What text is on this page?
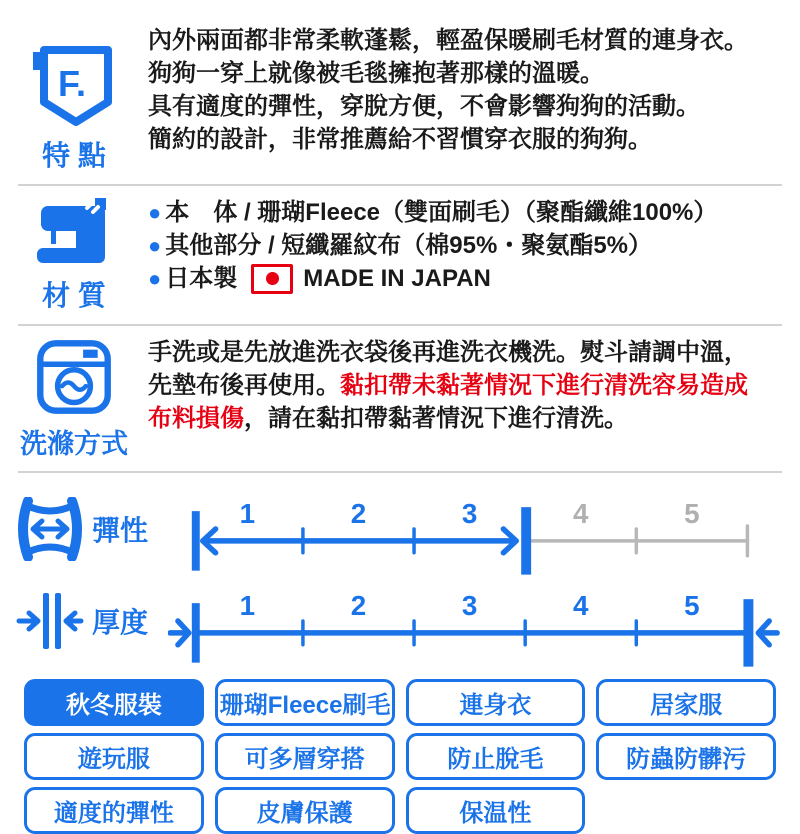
F.
特 點
內外兩面都非常柔軟蓬鬆，輕盈保暖刷毛材質的連身衣。
狗狗一穿上就像被毛毯擁抱著那樣的溫暖。
具有適度的彈性，穿脫方便，不會影響狗狗的活動。
簡約的設計，非常推薦給不習慣穿衣服的狗狗。
材 質
● 本　体 / 珊瑚Fleece（雙面刷毛）（聚酯纖維100%）
● 其他部分 / 短纖羅紋布（棉95%・聚氨酯5%）
● 日本製	MADE IN JAPAN
洗滌方式
手洗或是先放進洗衣袋後再進洗衣機洗。熨斗請調中溫，
先墊布後再使用。黏扣帶未黏著情況下進行清洗容易造成
布料損傷，請在黏扣帶黏著情況下進行清洗。
彈性
1	2	3	4	5
厚度
1	2	3	4	5
秋冬服裝	珊瑚Fleece刷毛	連身衣	居家服
遊玩服	可多層穿搭	防止脫毛	防蟲防髒污
適度的彈性	皮膚保護	保温性
